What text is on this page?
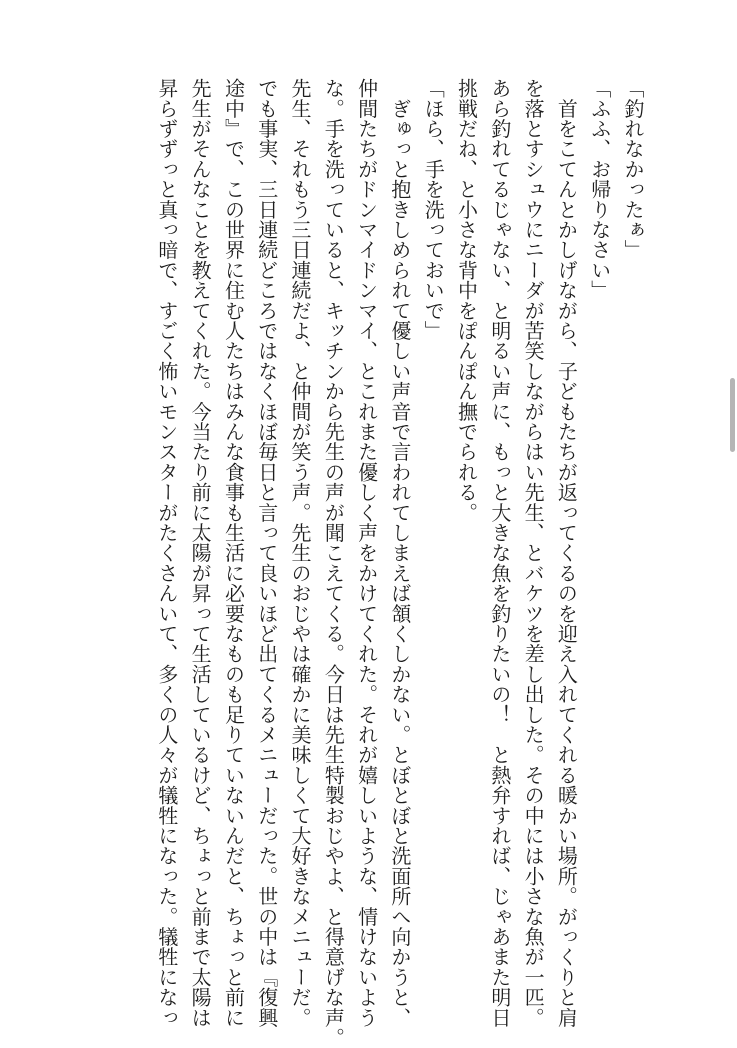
「釣れなかったぁ」
「ふふ、お帰りなさい」
　首をこてんとかしげながら、子どもたちが返ってくるのを迎え入れてくれる暖かい場所。がっくりと肩
を落とすシュウにニーダが苦笑しながらはい先生、とバケツを差し出した。その中には小さな魚が一匹。
あら釣れてるじゃない、と明るい声に、もっと大きな魚を釣りたいの！　と熱弁すれば、じゃあまた明日
挑戦だね、と小さな背中をぽんぽん撫でられる。
「ほら、手を洗っておいで」
　ぎゅっと抱きしめられて優しい声音で言われてしまえば頷くしかない。とぼとぼと洗面所へ向かうと、
仲間たちがドンマイドンマイ、とこれまた優しく声をかけてくれた。それが嬉しいような、情けないよう
な。手を洗っていると、キッチンから先生の声が聞こえてくる。今日は先生特製おじやよ、と得意げな声。
先生、それもう三日連続だよ、と仲間が笑う声。先生のおじやは確かに美味しくて大好きなメニューだ。
でも事実、三日連続どころではなくほぼ毎日と言って良いほど出てくるメニューだった。世の中は『復興
途中』で、この世界に住む人たちはみんな食事も生活に必要なものも足りていないんだと、ちょっと前に
先生がそんなことを教えてくれた。今当たり前に太陽が昇って生活しているけど、ちょっと前まで太陽は
昇らずずっと真っ暗で、すごく怖いモンスターがたくさんいて、多くの人々が犠牲になった。犠牲になっ
